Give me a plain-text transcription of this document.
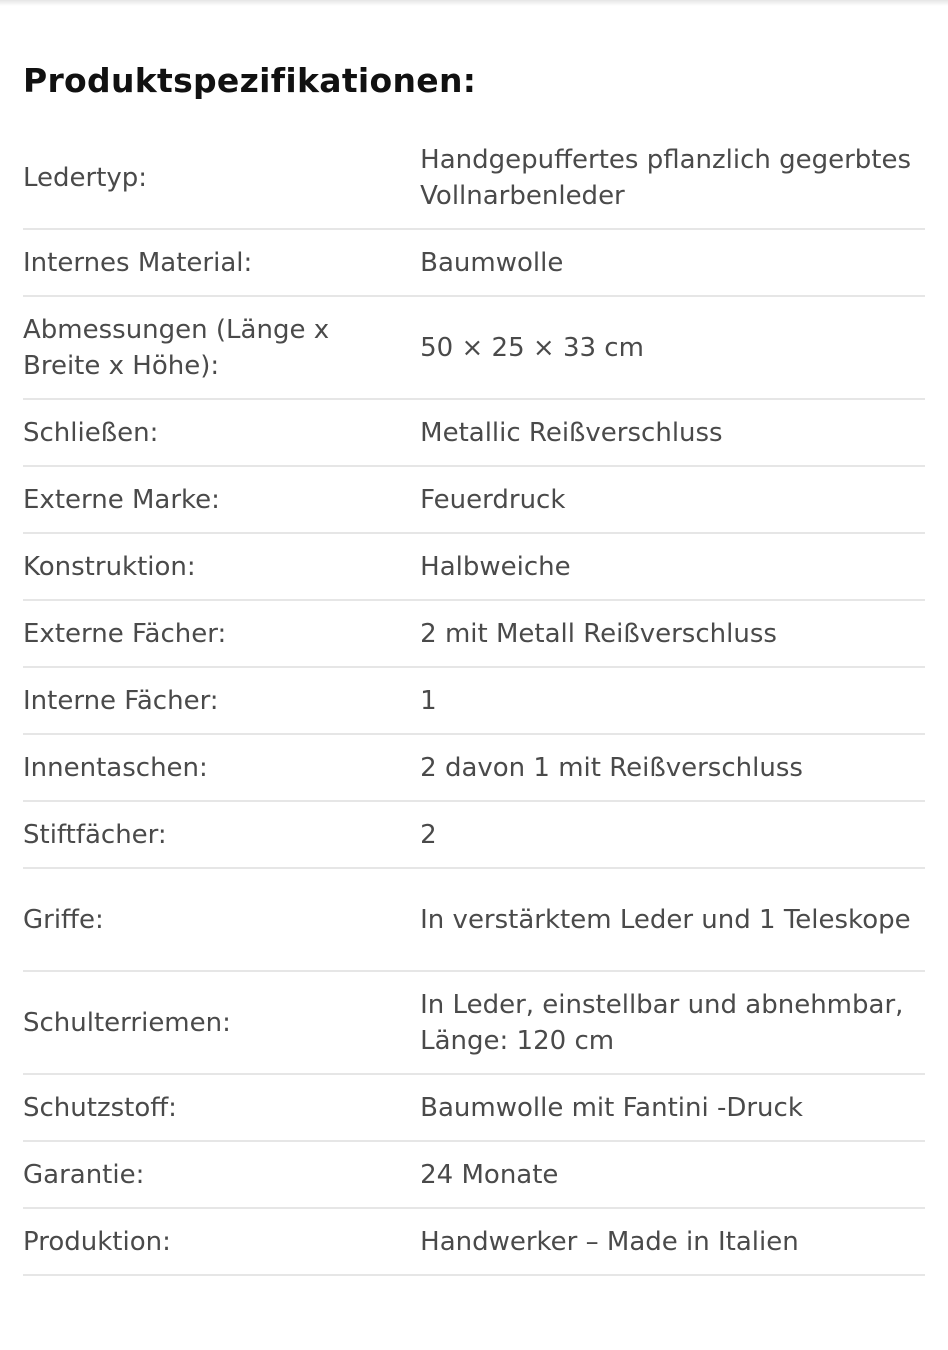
Produktspezifikationen:
Ledertyp:	Handgepuffertes pflanzlich gegerbtes Vollnarbenleder
Internes Material:	Baumwolle
Abmessungen (Länge x Breite x Höhe):	50 × 25 × 33 cm
Schließen:	Metallic Reißverschluss
Externe Marke:	Feuerdruck
Konstruktion:	Halbweiche
Externe Fächer:	2 mit Metall Reißverschluss
Interne Fächer:	1
Innentaschen:	2 davon 1 mit Reißverschluss
Stiftfächer:	2
Griffe:	In verstärktem Leder und 1 Teleskope
Schulterriemen:	In Leder, einstellbar und abnehmbar, Länge: 120 cm
Schutzstoff:	Baumwolle mit Fantini -Druck
Garantie:	24 Monate
Produktion:	Handwerker – Made in Italien
